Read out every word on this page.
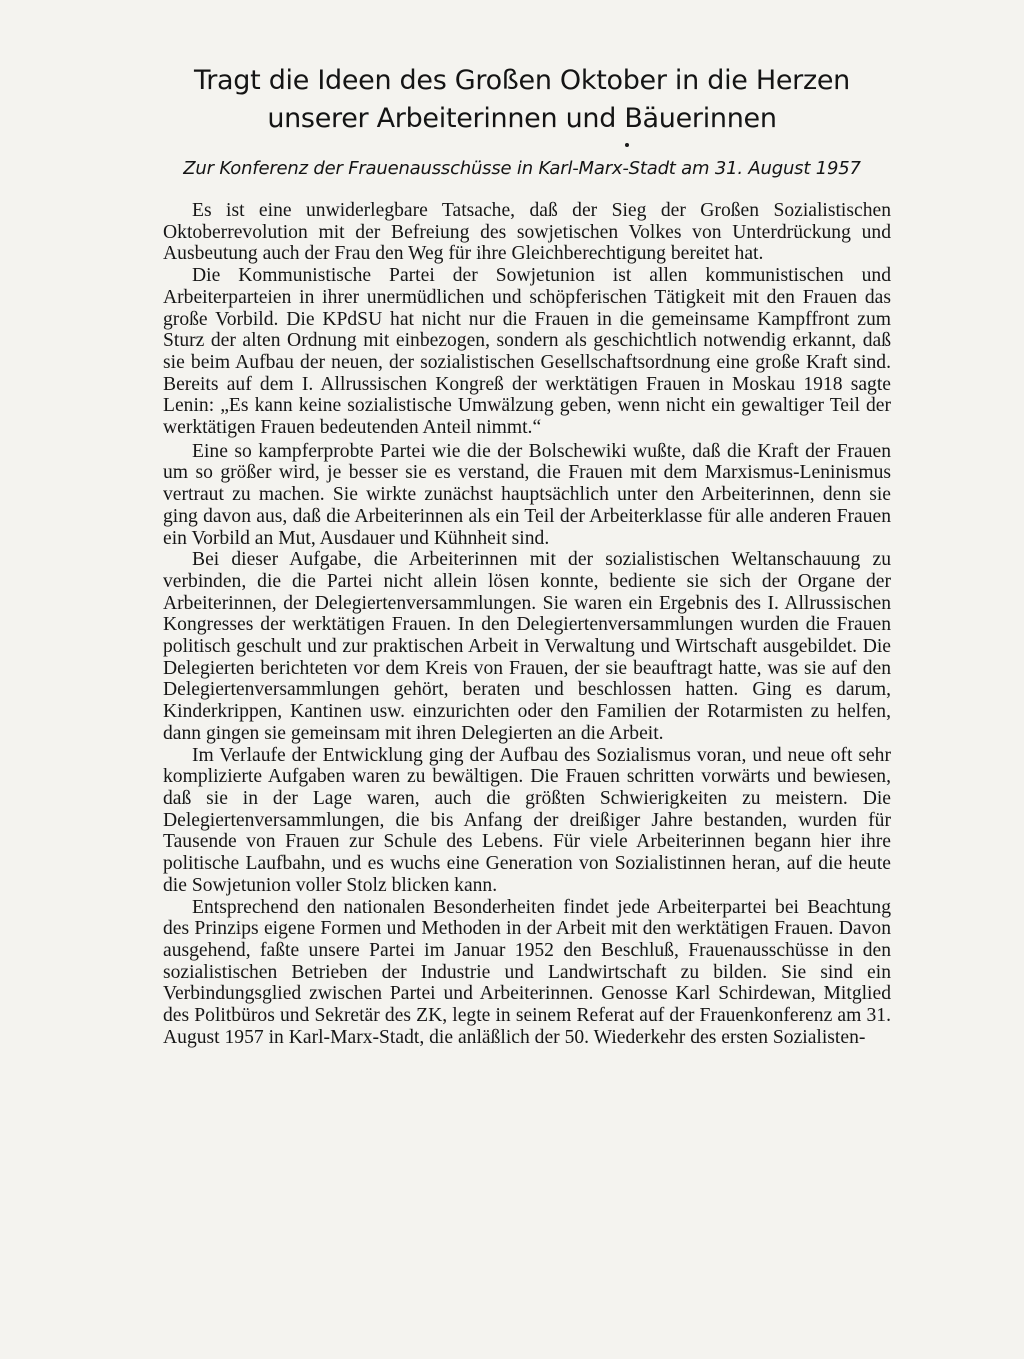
Tragt die Ideen des Großen Oktober in die Herzen
unserer Arbeiterinnen und Bäuerinnen
Zur Konferenz der Frauenausschüsse in Karl-Marx-Stadt am 31. August 1957

Es ist eine unwiderlegbare Tatsache, daß der Sieg der Großen Sozialistischen Oktoberrevolution mit der Befreiung des sowjetischen Volkes von Unterdrückung und Ausbeutung auch der Frau den Weg für ihre Gleichberechtigung bereitet hat.

Die Kommunistische Partei der Sowjetunion ist allen kommunistischen und Arbeiterparteien in ihrer unermüdlichen und schöpferischen Tätigkeit mit den Frauen das große Vorbild. Die KPdSU hat nicht nur die Frauen in die gemeinsame Kampffront zum Sturz der alten Ordnung mit einbezogen, sondern als geschichtlich notwendig erkannt, daß sie beim Aufbau der neuen, der sozialistischen Gesellschaftsordnung eine große Kraft sind. Bereits auf dem I. Allrussischen Kongreß der werktätigen Frauen in Moskau 1918 sagte Lenin: „Es kann keine sozialistische Umwälzung geben, wenn nicht ein gewaltiger Teil der werktätigen Frauen bedeutenden Anteil nimmt.“

Eine so kampferprobte Partei wie die der Bolschewiki wußte, daß die Kraft der Frauen um so größer wird, je besser sie es verstand, die Frauen mit dem Marxismus-Leninismus vertraut zu machen. Sie wirkte zunächst hauptsächlich unter den Arbeiterinnen, denn sie ging davon aus, daß die Arbeiterinnen als ein Teil der Arbeiterklasse für alle anderen Frauen ein Vorbild an Mut, Ausdauer und Kühnheit sind.

Bei dieser Aufgabe, die Arbeiterinnen mit der sozialistischen Weltanschauung zu verbinden, die die Partei nicht allein lösen konnte, bediente sie sich der Organe der Arbeiterinnen, der Delegiertenversammlungen. Sie waren ein Ergebnis des I. Allrussischen Kongresses der werktätigen Frauen. In den Delegiertenversammlungen wurden die Frauen politisch geschult und zur praktischen Arbeit in Verwaltung und Wirtschaft ausgebildet. Die Delegierten berichteten vor dem Kreis von Frauen, der sie beauftragt hatte, was sie auf den Delegiertenversammlungen gehört, beraten und beschlossen hatten. Ging es darum, Kinderkrippen, Kantinen usw. einzurichten oder den Familien der Rotarmisten zu helfen, dann gingen sie gemeinsam mit ihren Delegierten an die Arbeit.

Im Verlaufe der Entwicklung ging der Aufbau des Sozialismus voran, und neue oft sehr komplizierte Aufgaben waren zu bewältigen. Die Frauen schritten vorwärts und bewiesen, daß sie in der Lage waren, auch die größten Schwierigkeiten zu meistern. Die Delegiertenversammlungen, die bis Anfang der dreißiger Jahre bestanden, wurden für Tausende von Frauen zur Schule des Lebens. Für viele Arbeiterinnen begann hier ihre politische Laufbahn, und es wuchs eine Generation von Sozialistinnen heran, auf die heute die Sowjetunion voller Stolz blicken kann.

Entsprechend den nationalen Besonderheiten findet jede Arbeiterpartei bei Beachtung des Prinzips eigene Formen und Methoden in der Arbeit mit den werktätigen Frauen. Davon ausgehend, faßte unsere Partei im Januar 1952 den Beschluß, Frauenausschüsse in den sozialistischen Betrieben der Industrie und Landwirtschaft zu bilden. Sie sind ein Verbindungsglied zwischen Partei und Arbeiterinnen. Genosse Karl Schirdewan, Mitglied des Politbüros und Sekretär des ZK, legte in seinem Referat auf der Frauenkonferenz am 31. August 1957 in Karl-Marx-Stadt, die anläßlich der 50. Wiederkehr des ersten Sozialisten-
